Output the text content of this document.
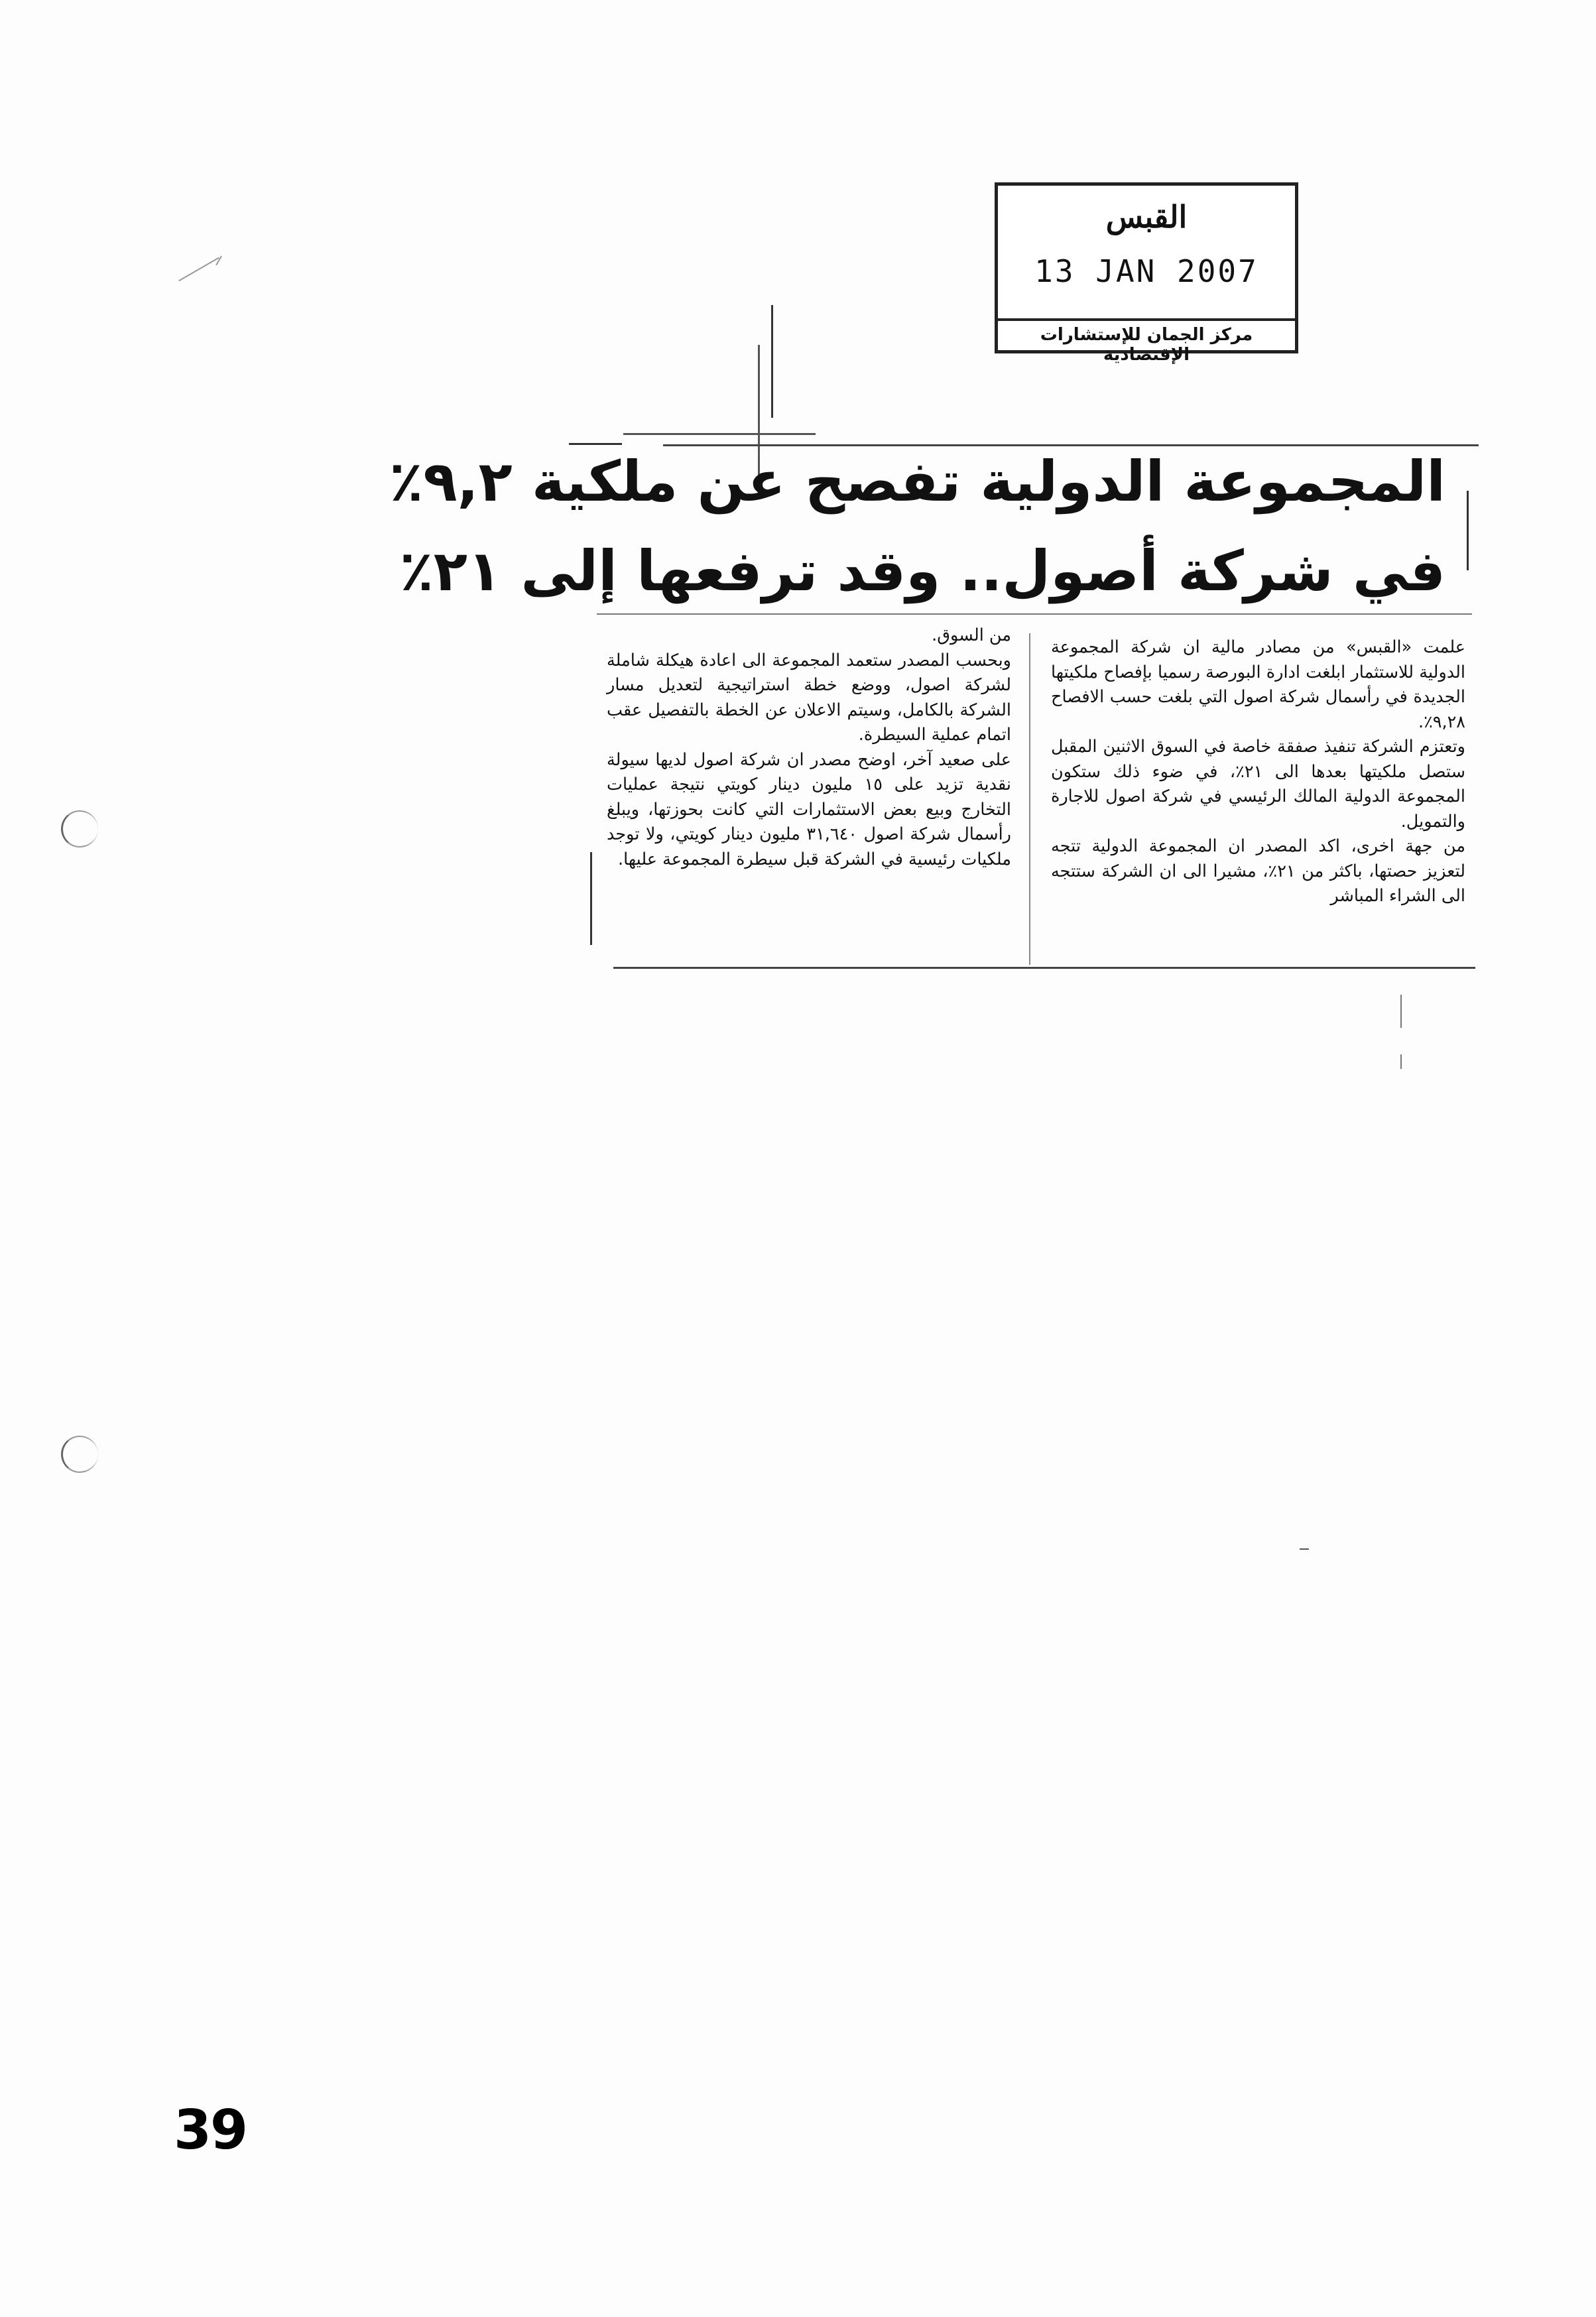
القبس
13 JAN 2007
مركز الجمان للإستشارات الإقتصادية
المجموعة الدولية تفصح عن ملكية ٩,٢٪
في شركة أصول.. وقد ترفعها إلى ٢١٪

علمت «القبس» من مصادر مالية ان شركة المجموعة الدولية للاستثمار ابلغت ادارة البورصة رسميا بإفصاح ملكيتها الجديدة في رأسمال شركة اصول التي بلغت حسب الافصاح ٩,٢٨٪.

وتعتزم الشركة تنفيذ صفقة خاصة في السوق الاثنين المقبل ستصل ملكيتها بعدها الى ٢١٪، في ضوء ذلك ستكون المجموعة الدولية المالك الرئيسي في شركة اصول للاجارة والتمويل.

من جهة اخرى، اكد المصدر ان المجموعة الدولية تتجه لتعزيز حصتها، باكثر من ٢١٪، مشيرا الى ان الشركة ستتجه الى الشراء المباشر

من السوق.

وبحسب المصدر ستعمد المجموعة الى اعادة هيكلة شاملة لشركة اصول، ووضع خطة استراتيجية لتعديل مسار الشركة بالكامل، وسيتم الاعلان عن الخطة بالتفصيل عقب اتمام عملية السيطرة.

على صعيد آخر، اوضح مصدر ان شركة اصول لديها سيولة نقدية تزيد على ١٥ مليون دينار كويتي نتيجة عمليات التخارج وبيع بعض الاستثمارات التي كانت بحوزتها، ويبلغ رأسمال شركة اصول ٣١,٦٤٠ مليون دينار كويتي، ولا توجد ملكيات رئيسية في الشركة قبل سيطرة المجموعة عليها.

39
